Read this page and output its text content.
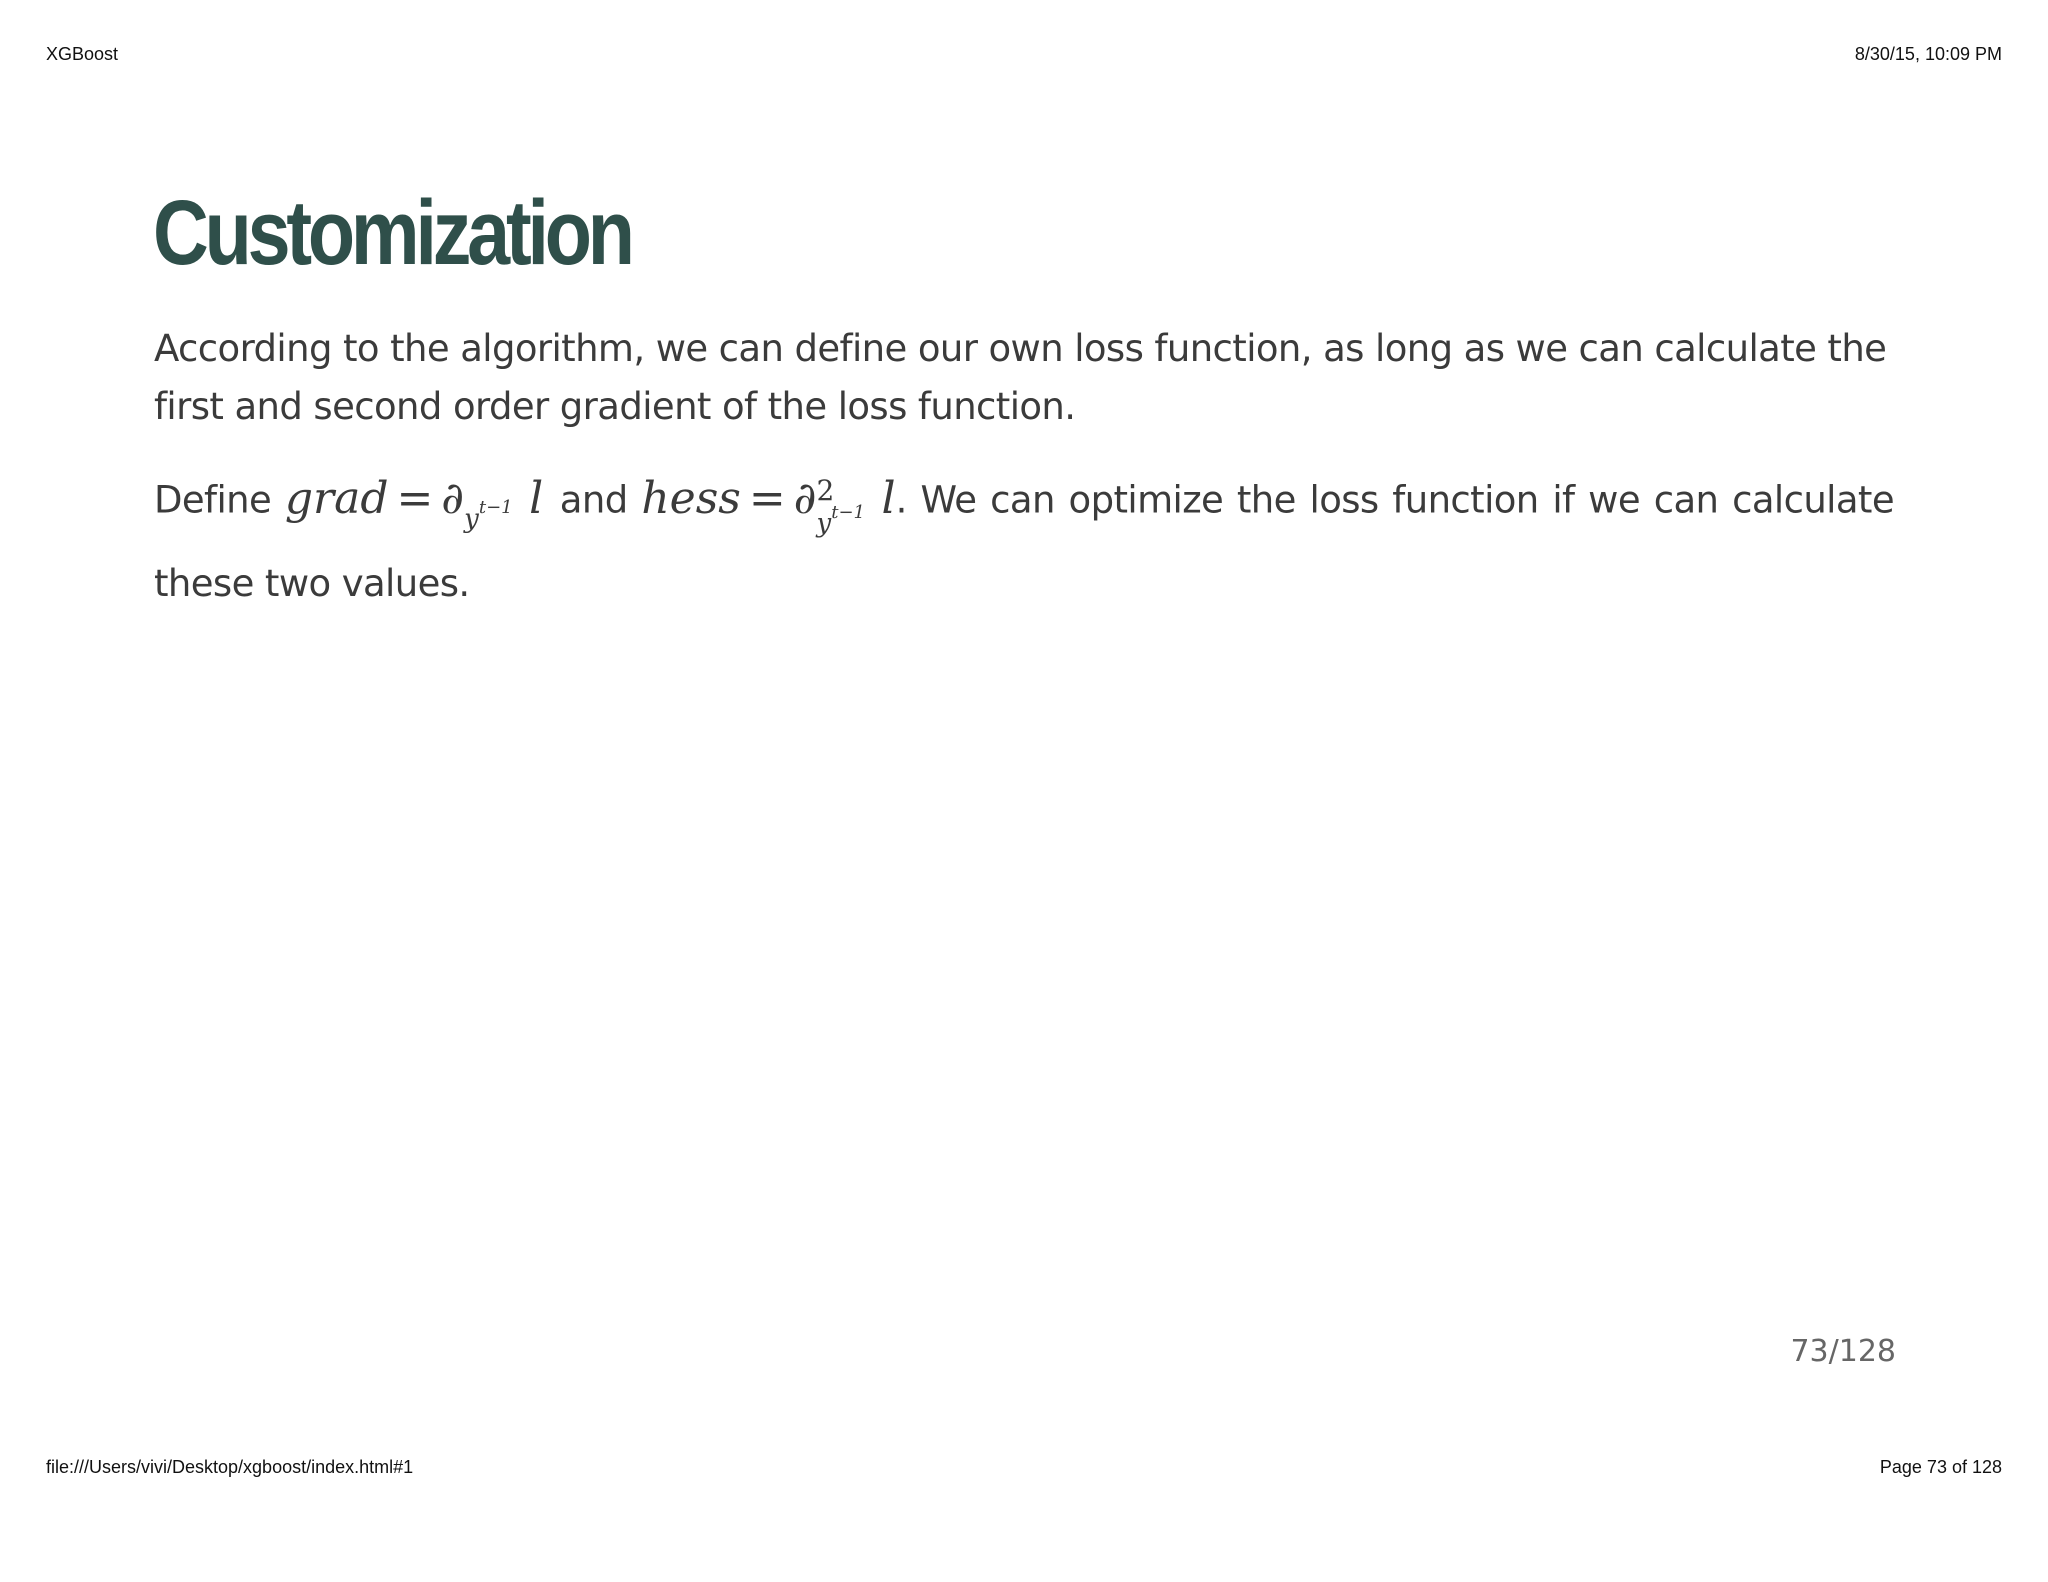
XGBoost	8/30/15, 10:09 PM
Customization

According to the algorithm, we can define our own loss function, as long as we can calculate the first and second order gradient of the loss function.

Define grad = $\partial_{y^{t-1}}$ l and hess = ∂ 2
$y^{t-1}$ l. We can optimize the loss function if we can calculate
these two values.

73/128
file:///Users/vivi/Desktop/xgboost/index.html#1	Page 73 of 128
